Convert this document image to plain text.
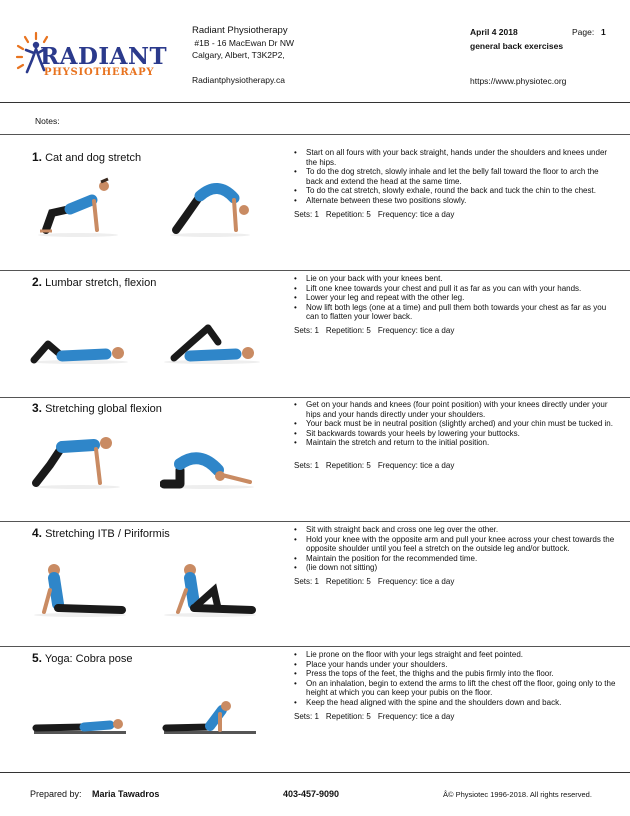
RADIANT
PHYSIOTHERAPY
Radiant Physiotherapy
#1B - 16 MacEwan Dr NW
Calgary, Albert, T3K2P2,
Radiantphysiotherapy.ca
April 4 2018	Page: 1
general back exercises
https://www.physiotec.org
Notes:
1. Cat and dog stretch	• Start on all fours with your back straight, hands under the shoulders and knees under the hips.
• To do the dog stretch, slowly inhale and let the belly fall toward the floor to arch the back and extend the head at the same time.
• To do the cat stretch, slowly exhale, round the back and tuck the chin to the chest.
• Alternate between these two positions slowly.
Sets: 1 Repetition: 5 Frequency: tice a day
2. Lumbar stretch, flexion	• Lie on your back with your knees bent.
• Lift one knee towards your chest and pull it as far as you can with your hands.
• Lower your leg and repeat with the other leg.
• Now lift both legs (one at a time) and pull them both towards your chest as far as you can to flatten your lower back.
Sets: 1 Repetition: 5 Frequency: tice a day
3. Stretching global flexion	• Get on your hands and knees (four point position) with your knees directly under your hips and your hands directly under your shoulders.
• Your back must be in neutral position (slightly arched) and your chin must be tucked in.
• Sit backwards towards your heels by lowering your buttocks.
• Maintain the stretch and return to the initial position.
Sets: 1 Repetition: 5 Frequency: tice a day
4. Stretching ITB / Piriformis	• Sit with straight back and cross one leg over the other.
• Hold your knee with the opposite arm and pull your knee across your chest towards the opposite shoulder until you feel a stretch on the outside leg and/or buttock.
• Maintain the position for the recommended time.
• (lie down not sitting)
Sets: 1 Repetition: 5 Frequency: tice a day
5. Yoga: Cobra pose	• Lie prone on the floor with your legs straight and feet pointed.
• Place your hands under your shoulders.
• Press the tops of the feet, the thighs and the pubis firmly into the floor.
• On an inhalation, begin to extend the arms to lift the chest off the floor, going only to the height at which you can keep your pubis on the floor.
• Keep the head aligned with the spine and the shoulders down and back.
Sets: 1 Repetition: 5 Frequency: tice a day
Prepared by: Maria Tawadros	403-457-9090	Â© Physiotec 1996-2018. All rights reserved.
